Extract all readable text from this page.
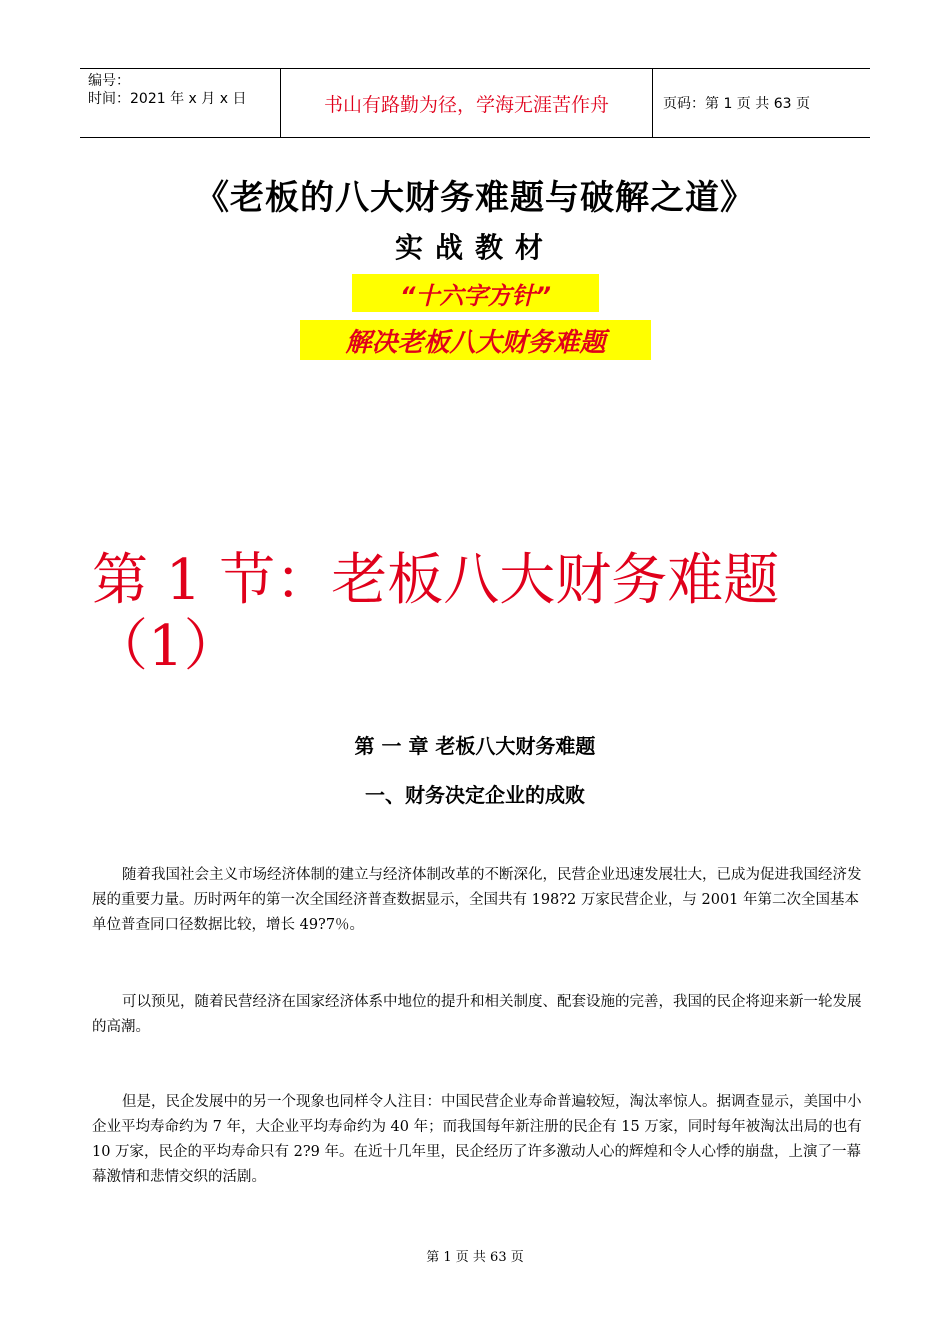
编号：
时间：2021 年 x 月 x 日	书山有路勤为径，学海无涯苦作舟	页码：第 1 页 共 63 页
《老板的八大财务难题与破解之道》
实战教材
“十六字方针”
解决老板八大财务难题
第 1 节：老板八大财务难题（1）
第 一 章 老板八大财务难题
一、财务决定企业的成败
随着我国社会主义市场经济体制的建立与经济体制改革的不断深化，民营企业迅速发展壮大，已成为促进我国经济发展的重要力量。历时两年的第一次全国经济普查数据显示，全国共有 198?2 万家民营企业，与 2001 年第二次全国基本单位普查同口径数据比较，增长 49?7％。
可以预见，随着民营经济在国家经济体系中地位的提升和相关制度、配套设施的完善，我国的民企将迎来新一轮发展的高潮。
但是，民企发展中的另一个现象也同样令人注目：中国民营企业寿命普遍较短，淘汰率惊人。据调查显示，美国中小企业平均寿命约为 7 年，大企业平均寿命约为 40 年；而我国每年新注册的民企有 15 万家，同时每年被淘汰出局的也有 10 万家，民企的平均寿命只有 2?9 年。在近十几年里，民企经历了许多激动人心的辉煌和令人心悸的崩盘，上演了一幕幕激情和悲情交织的活剧。
第 1 页 共 63 页
